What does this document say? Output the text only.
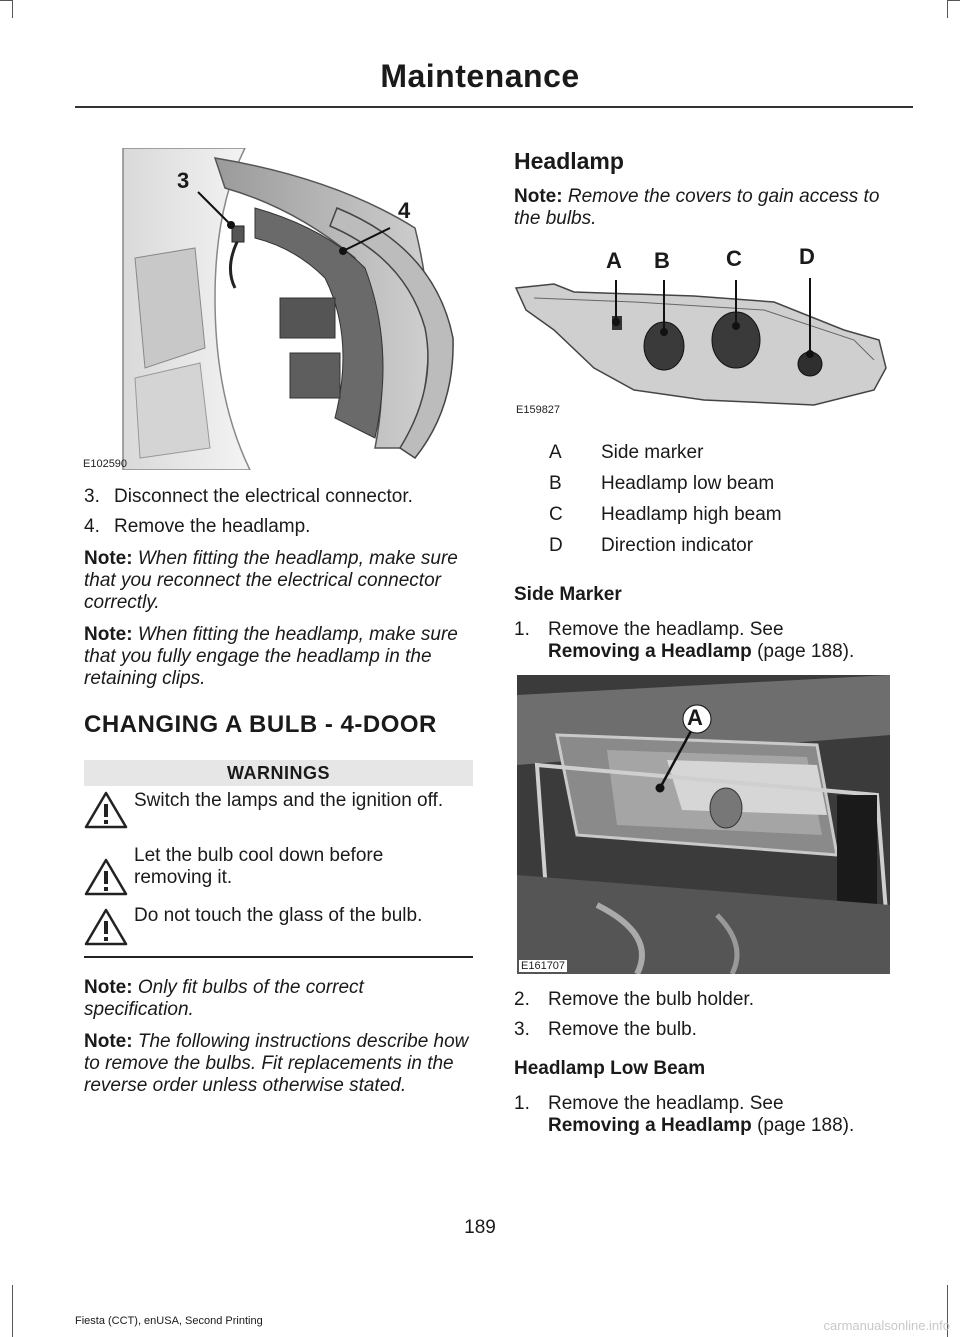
Maintenance
3
4
E102590
3. Disconnect the electrical connector.
4. Remove the headlamp.
Note: When fitting the headlamp, make sure that you reconnect the electrical connector correctly.
Note: When fitting the headlamp, make sure that you fully engage the headlamp in the retaining clips.
CHANGING A BULB - 4-DOOR
WARNINGS
Switch the lamps and the ignition off.
Let the bulb cool down before removing it.
Do not touch the glass of the bulb.
Note: Only fit bulbs of the correct specification.
Note: The following instructions describe how to remove the bulbs. Fit replacements in the reverse order unless otherwise stated.
Headlamp
Note: Remove the covers to gain access to the bulbs.
A B	C	D
E159827
A	Side marker
B	Headlamp low beam
C	Headlamp high beam
D	Direction indicator
Side Marker
1. Remove the headlamp. See
Removing a Headlamp (page 188).
A
E161707
2. Remove the bulb holder.
3. Remove the bulb.
Headlamp Low Beam
1. Remove the headlamp. See
Removing a Headlamp (page 188).
189
Fiesta (CCT), enUSA, Second Printing	carmanualsonline.info
